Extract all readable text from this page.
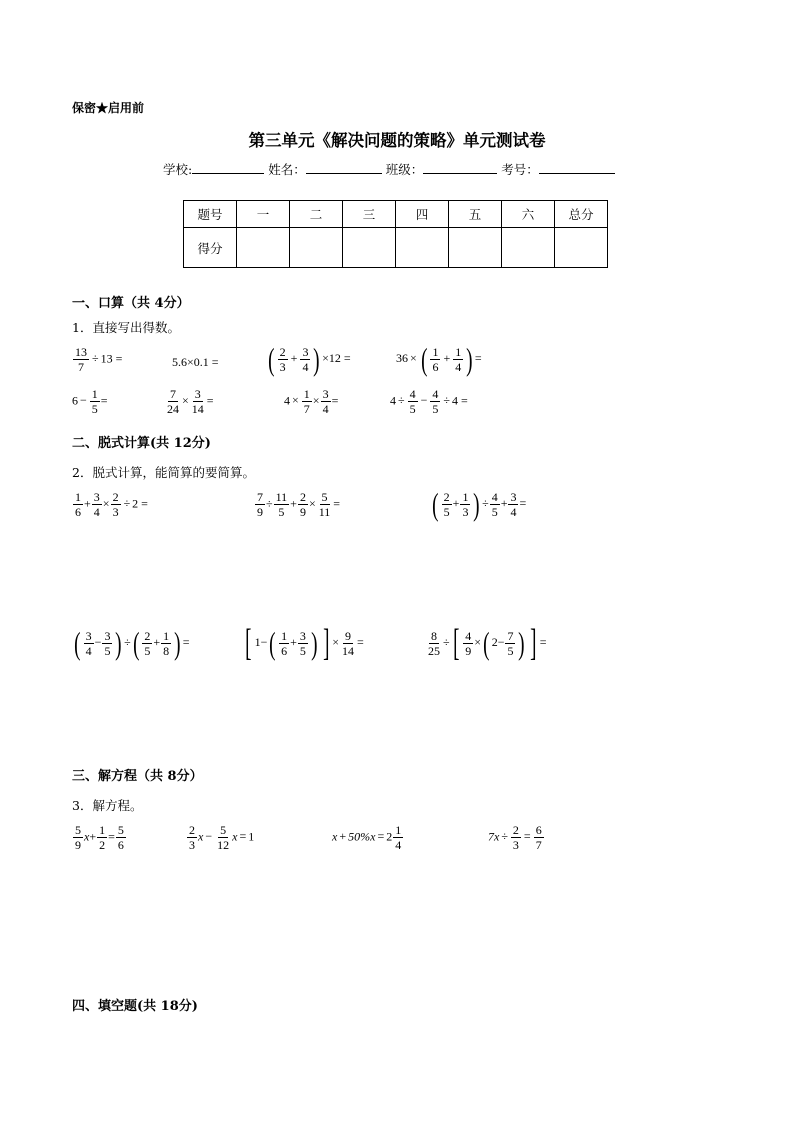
保密★启用前
第三单元《解决问题的策略》单元测试卷
学校:	姓名：	班级：	考号：
题号	一	二	三	四	五	六	总分
得分							
一、口算（共 4分）
1．直接写出得数。
$\frac{13}{7} \div 13$ =	5.6×0.1 = ( $\frac{2}{3} + \frac{3}{4}$ ) ×12 =	36 × ( $\frac{1}{6} + \frac{1}{4}$ ) =
$6 - \frac{1}{5}$ =	$\frac{7}{24} \times \frac{3}{14}$ =	$4 \times \frac{1}{7} \times \frac{3}{4}$ =	$4 \div \frac{4}{5} - \frac{4}{5} \div 4$ =
二、脱式计算(共 12分)
2．脱式计算，能简算的要简算。
$\frac{1}{6} + \frac{3}{4} \times \frac{2}{3} \div 2$ =	$\frac{7}{9} \div \frac{11}{5} + \frac{2}{9} \times \frac{5}{11}$ =	( $\frac{2}{5} + \frac{1}{3}$ ) ÷ $\frac{4}{5} + \frac{3}{4}$ =
( $\frac{3}{4} - \frac{3}{5}$ ) ÷( $\frac{2}{5} + \frac{1}{8}$ ) = [ $1-( \frac{1}{6} + \frac{3}{5}$ ) ] × $\frac{9}{14}$ =	$\frac{8}{25}$ ÷[ $\frac{4}{9}$ ×( $2- \frac{7}{5}$ ) ] =
三、解方程（共 8分）
3．解方程。
$\frac{5}{9} x+ \frac{1}{2} = \frac{5}{6}$	$\frac{2}{3}$ $x - \frac{5}{12}$ x = 1	$x + 50\%x = 2 \frac{1}{4}$	$7x \div \frac{2}{3} = \frac{6}{7}$
四、填空题(共 18分)
